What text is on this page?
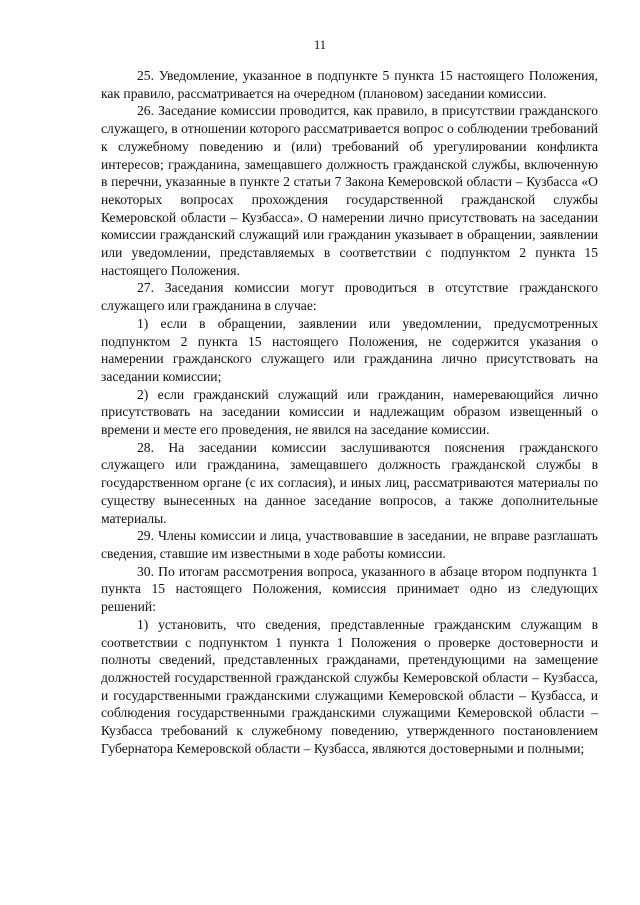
11

25. Уведомление, указанное в подпункте 5 пункта 15 настоящего Положения, как правило, рассматривается на очередном (плановом) заседании комиссии.

26. Заседание комиссии проводится, как правило, в присутствии гражданского служащего, в отношении которого рассматривается вопрос о соблюдении требований к служебному поведению и (или) требований об урегулировании конфликта интересов; гражданина, замещавшего должность гражданской службы, включенную в перечни, указанные в пункте 2 статьи 7 Закона Кемеровской области – Кузбасса «О некоторых вопросах прохождения государственной гражданской службы Кемеровской области – Кузбасса». О намерении лично присутствовать на заседании комиссии гражданский служащий или гражданин указывает в обращении, заявлении или уведомлении, представляемых в соответствии с подпунктом 2 пункта 15 настоящего Положения.

27. Заседания комиссии могут проводиться в отсутствие гражданского служащего или гражданина в случае:

1) если в обращении, заявлении или уведомлении, предусмотренных подпунктом 2 пункта 15 настоящего Положения, не содержится указания о намерении гражданского служащего или гражданина лично присутствовать на заседании комиссии;

2) если гражданский служащий или гражданин, намеревающийся лично присутствовать на заседании комиссии и надлежащим образом извещенный о времени и месте его проведения, не явился на заседание комиссии.

28. На заседании комиссии заслушиваются пояснения гражданского служащего или гражданина, замещавшего должность гражданской службы в государственном органе (с их согласия), и иных лиц, рассматриваются материалы по существу вынесенных на данное заседание вопросов, а также дополнительные материалы.

29. Члены комиссии и лица, участвовавшие в заседании, не вправе разглашать сведения, ставшие им известными в ходе работы комиссии.

30. По итогам рассмотрения вопроса, указанного в абзаце втором подпункта 1 пункта 15 настоящего Положения, комиссия принимает одно из следующих решений:

1) установить, что сведения, представленные гражданским служащим в соответствии с подпунктом 1 пункта 1 Положения о проверке достоверности и полноты сведений, представленных гражданами, претендующими на замещение должностей государственной гражданской службы Кемеровской области – Кузбасса, и государственными гражданскими служащими Кемеровской области – Кузбасса, и соблюдения государственными гражданскими служащими Кемеровской области – Кузбасса требований к служебному поведению, утвержденного постановлением Губернатора Кемеровской области – Кузбасса, являются достоверными и полными;
